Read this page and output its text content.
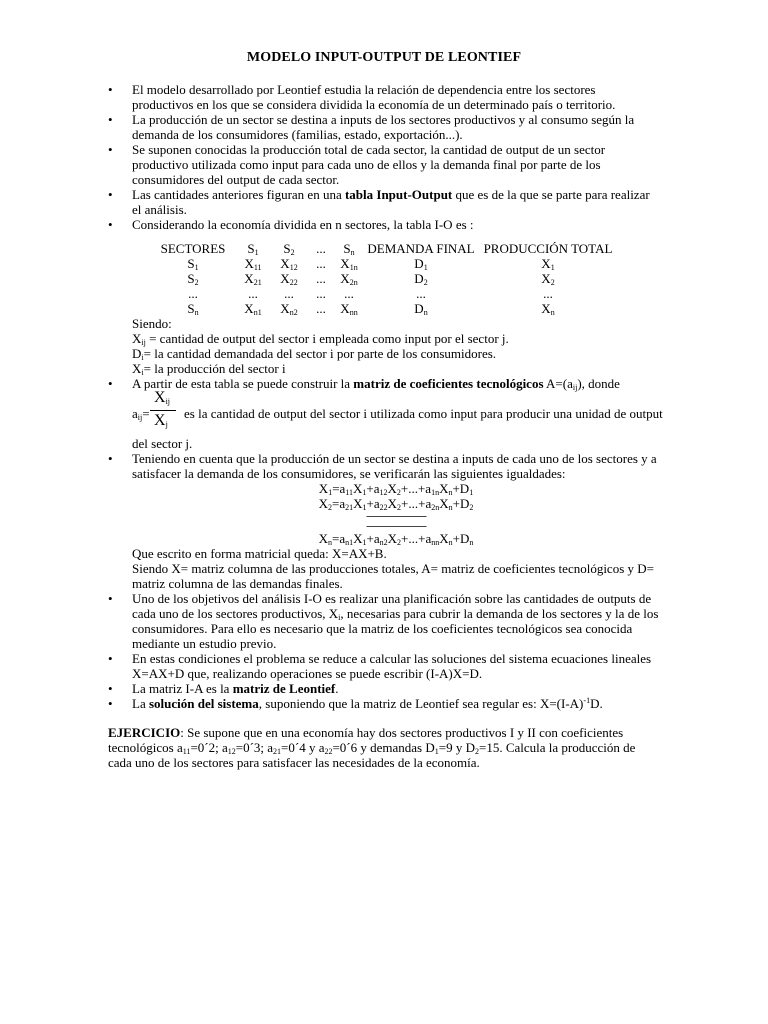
MODELO INPUT-OUTPUT DE LEONTIEF
•	El modelo desarrollado por Leontief estudia la relación de dependencia entre los sectores productivos en los que se considera dividida la economía de un determinado país o territorio.
•	La producción de un sector se destina a inputs de los sectores productivos y al consumo según la demanda de los consumidores (familias, estado, exportación...).
•	Se suponen conocidas la producción total de cada sector, la cantidad de output de un sector productivo utilizada como input para cada uno de ellos y la demanda final por parte de los consumidores del output de cada sector.
•	Las cantidades anteriores figuran en una tabla Input-Output que es de la que se parte para realizar el análisis.
•	Considerando la economía dividida en n sectores, la tabla I-O es :
SECTORES	$S_1$	$S_2$	...	$S_n$	DEMANDA FINAL	PRODUCCIÓN TOTAL
$S_1$	$X_{11}$	$X_{12}$	...	$X_{1n}$	$D_1$	$X_1$
$S_2$	$X_{21}$	$X_{22}$	...	$X_{2n}$	$D_2$	$X_2$
...	...	...	...	...	...	...
$S_n$	$X_{n1}$	$X_{n2}$	...	$X_{nn}$	$D_n$	$X_n$
Siendo:
$X_{ij}$ = cantidad de output del sector i empleada como input por el sector j.
$D_i=$ la cantidad demandada del sector i por parte de los consumidores.
$X_i=$ la producción del sector i
•	A partir de esta tabla se puede construir la matriz de coeficientes tecnológicos $A=(a_{ij})$, donde
$a_{ij}=$
$X_{ij}$
$X_j$
es la cantidad de output del sector i utilizada como input para producir una unidad de output
del sector j.
•	Teniendo en cuenta que la producción de un sector se destina a inputs de cada uno de los sectores y a satisfacer la demanda de los consumidores, se verificarán las siguientes igualdades:
$X_1=a_{11}X_1+a_{12}X_2+...+a_{1n}X_n+D_1$
$X_2=a_{21}X_1+a_{22}X_2+...+a_{2n}X_n+D_2$
............................................................
............................................................
$X_n=a_{n1}X_1+a_{n2}X_2+...+a_{nn}X_n+D_n$
Que escrito en forma matricial queda: X=AX+B.
Siendo X= matriz columna de las producciones totales, A= matriz de coeficientes tecnológicos y D= matriz columna de las demandas finales.
•	Uno de los objetivos del análisis I-O es realizar una planificación sobre las cantidades de outputs de cada uno de los sectores productivos, $X_i$, necesarias para cubrir la demanda de los sectores y la de los consumidores. Para ello es necesario que la matriz de los coeficientes tecnológicos sea conocida mediante un estudio previo.
•	En estas condiciones el problema se reduce a calcular las soluciones del sistema ecuaciones lineales X=AX+D que, realizando operaciones se puede escribir (I-A)X=D.
•	La matriz I-A es la matriz de Leontief.
•	La solución del sistema, suponiendo que la matriz de Leontief sea regular es: $X=(I-A)^{-1}D$.
EJERCICIO: Se supone que en una economía hay dos sectores productivos I y II con coeficientes tecnológicos $a_{11}=0´2$; $a_{12}=0´3$; $a_{21}=0´4$ y $a_{22}=0´6$ y demandas $D_1=9$ y $D_2=15$. Calcula la producción de cada uno de los sectores para satisfacer las necesidades de la economía.
